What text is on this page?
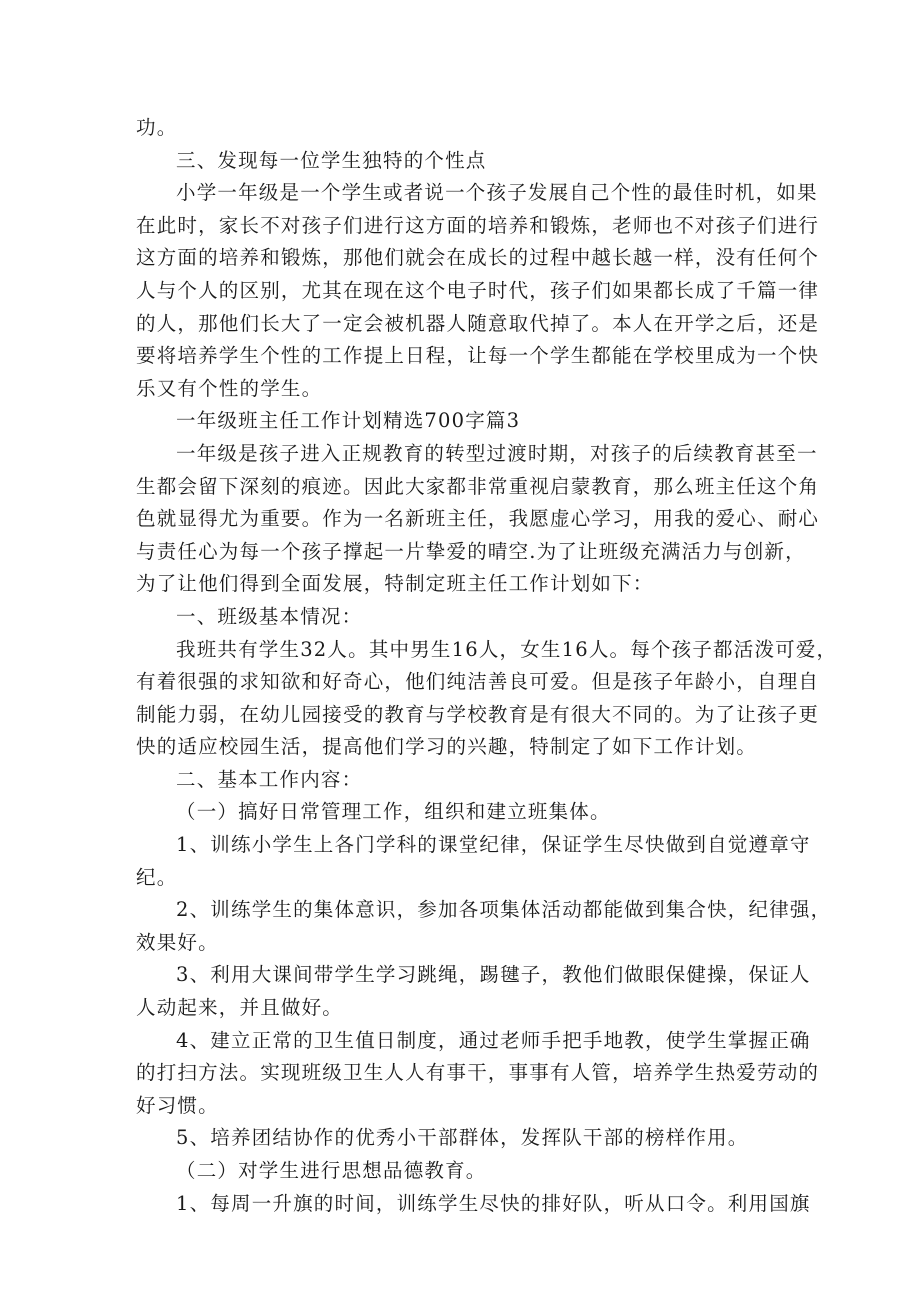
功。
三、发现每一位学生独特的个性点
小学一年级是一个学生或者说一个孩子发展自己个性的最佳时机，如果
在此时，家长不对孩子们进行这方面的培养和锻炼，老师也不对孩子们进行
这方面的培养和锻炼，那他们就会在成长的过程中越长越一样，没有任何个
人与个人的区别，尤其在现在这个电子时代，孩子们如果都长成了千篇一律
的人，那他们长大了一定会被机器人随意取代掉了。本人在开学之后，还是
要将培养学生个性的工作提上日程，让每一个学生都能在学校里成为一个快
乐又有个性的学生。
一年级班主任工作计划精选700字篇3
一年级是孩子进入正规教育的转型过渡时期，对孩子的后续教育甚至一
生都会留下深刻的痕迹。因此大家都非常重视启蒙教育，那么班主任这个角
色就显得尤为重要。作为一名新班主任，我愿虚心学习，用我的爱心、耐心
与责任心为每一个孩子撑起一片挚爱的晴空.为了让班级充满活力与创新，
为了让他们得到全面发展，特制定班主任工作计划如下：
一、班级基本情况：
我班共有学生32人。其中男生16人，女生16人。每个孩子都活泼可爱，
有着很强的求知欲和好奇心，他们纯洁善良可爱。但是孩子年龄小，自理自
制能力弱，在幼儿园接受的教育与学校教育是有很大不同的。为了让孩子更
快的适应校园生活，提高他们学习的兴趣，特制定了如下工作计划。
二、基本工作内容：
（一）搞好日常管理工作，组织和建立班集体。
1、训练小学生上各门学科的课堂纪律，保证学生尽快做到自觉遵章守
纪。
2、训练学生的集体意识，参加各项集体活动都能做到集合快，纪律强，
效果好。
3、利用大课间带学生学习跳绳，踢毽子，教他们做眼保健操，保证人
人动起来，并且做好。
4、建立正常的卫生值日制度，通过老师手把手地教，使学生掌握正确
的打扫方法。实现班级卫生人人有事干，事事有人管，培养学生热爱劳动的
好习惯。
5、培养团结协作的优秀小干部群体，发挥队干部的榜样作用。
（二）对学生进行思想品德教育。
1、每周一升旗的时间，训练学生尽快的排好队，听从口令。利用国旗
